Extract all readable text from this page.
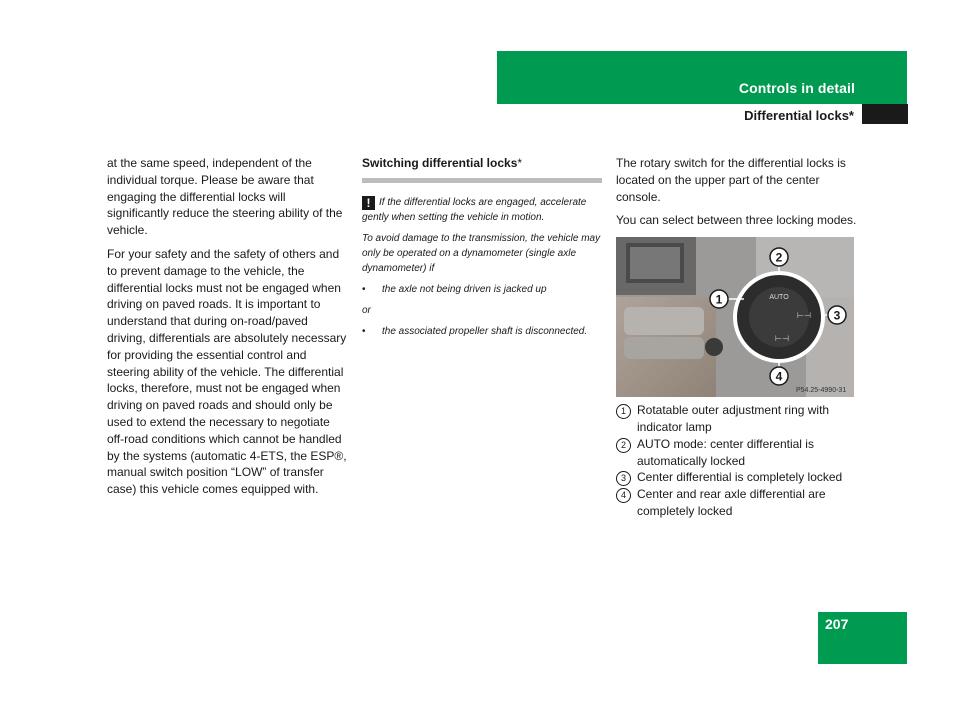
Controls in detail
Differential locks*

at the same speed, independent of the individual torque. Please be aware that engaging the differential locks will significantly reduce the steering ability of the vehicle.

For your safety and the safety of others and to prevent damage to the vehicle, the differential locks must not be engaged when driving on paved roads. It is important to understand that during on-road/paved driving, differentials are absolutely necessary for providing the essential control and steering ability of the vehicle. The differential locks, therefore, must not be engaged when driving on paved roads and should only be used to extend the necessary to negotiate off-road conditions which cannot be handled by the systems (automatic 4-ETS, the ESP®, manual switch position “LOW” of transfer case) this vehicle comes equipped with.

Switching differential locks*

! If the differential locks are engaged, accelerate gently when setting the vehicle in motion.

To avoid damage to the transmission, the vehicle may only be operated on a dynamometer (single axle dynamometer) if

•	the axle not being driven is jacked up

or

•	the associated propeller shaft is disconnected.

The rotary switch for the differential locks is located on the upper part of the center console.

You can select between three locking modes.

AUTO
⊢⊣
⊢⊣
1
2
3
4
P54.25-4990-31
1 Rotatable outer adjustment ring with indicator lamp
2 AUTO mode: center differential is automatically locked
3 Center differential is completely locked
4 Center and rear axle differential are completely locked
207
